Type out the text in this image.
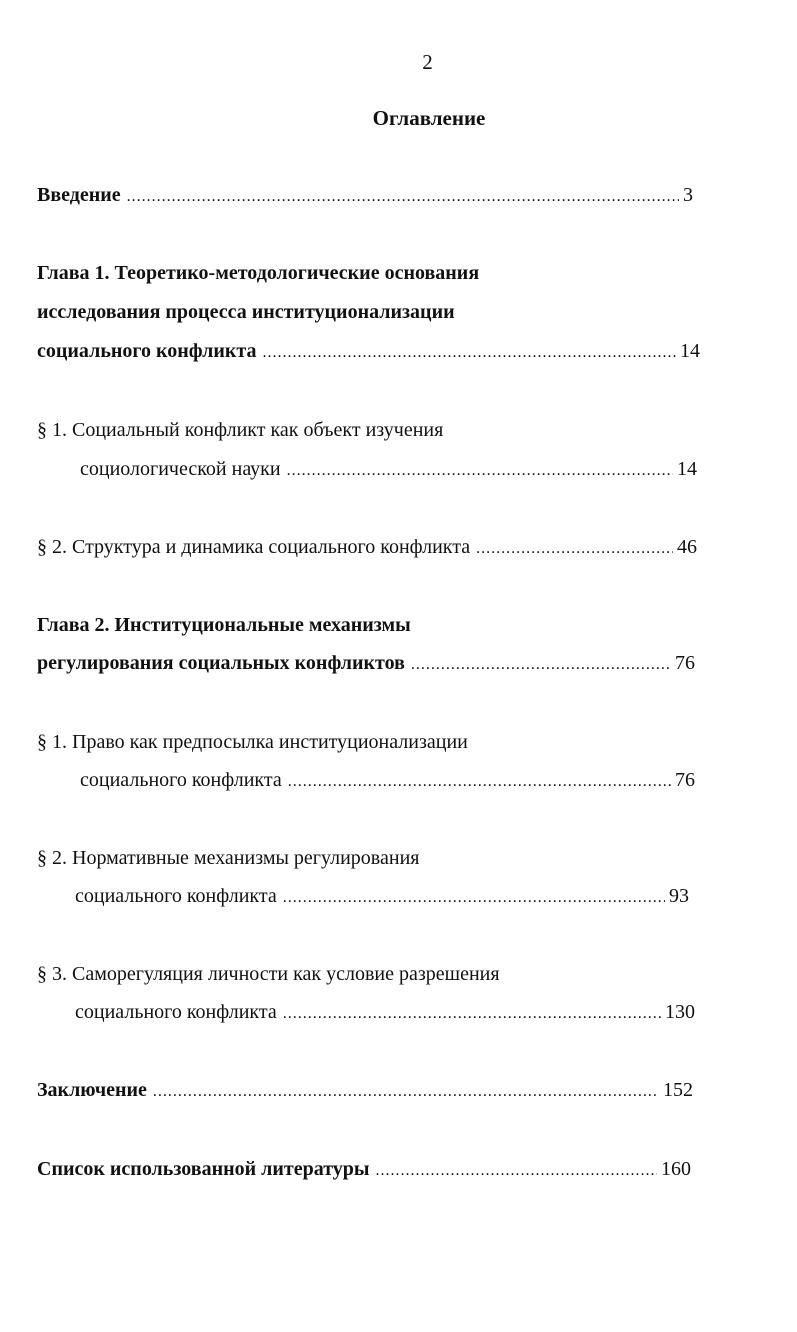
2
Оглавление
Введение .....	3
Глава 1. Теоретико-методологические основания
исследования процесса институционализации
социального конфликта .....	14
§ 1. Социальный конфликт как объект изучения
социологической науки .....	14
§ 2. Структура и динамика социального конфликта .....	46
Глава 2. Институциональные механизмы
регулирования социальных конфликтов .....	76
§ 1. Право как предпосылка институционализации
социального конфликта .....	76
§ 2. Нормативные механизмы регулирования
социального конфликта .....	93
§ 3. Саморегуляция личности как условие разрешения
социального конфликта .....	130
Заключение .....	152
Список использованной литературы .....	160
